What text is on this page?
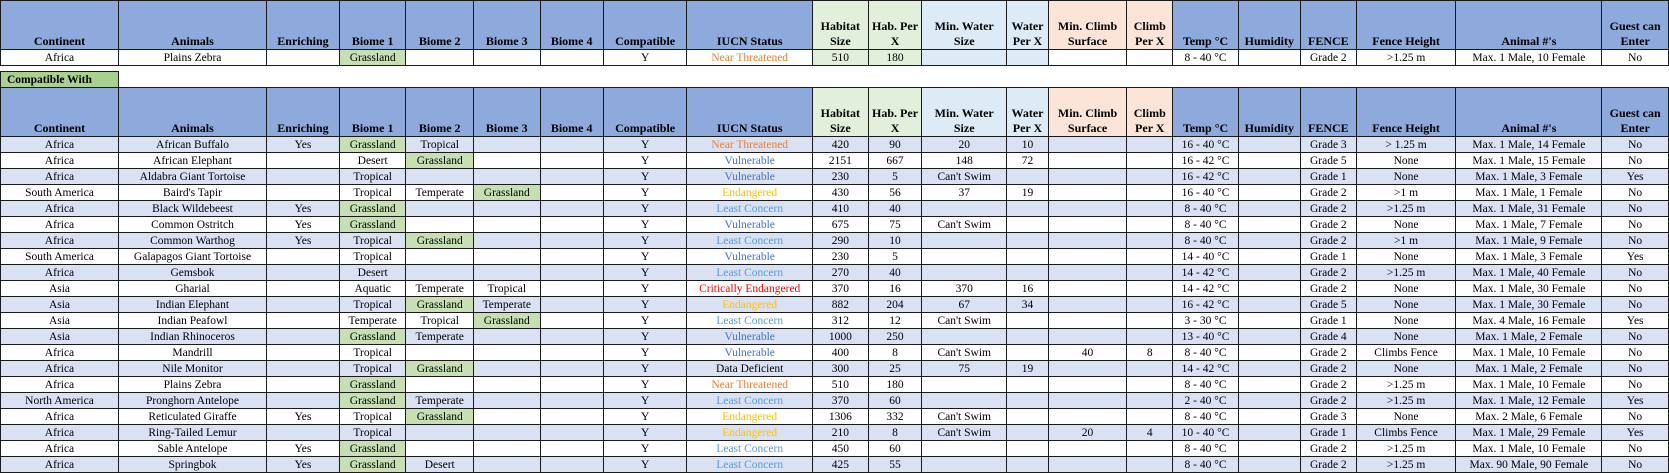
Continent	Animals	Enriching	Biome 1	Biome 2	Biome 3	Biome 4	Compatible	IUCN Status	Habitat Size	Hab. Per X	Min. Water Size	Water Per X	Min. Climb Surface	Climb Per X	Temp °C	Humidity	FENCE	Fence Height	Animal #'s	Guest can Enter
Africa	Plains Zebra		Grassland				Y	Near Threatened	510	180					8 - 40 °C		Grade 2	>1.25 m	Max. 1 Male, 10 Female	No

Compatible With																				
Continent	Animals	Enriching	Biome 1	Biome 2	Biome 3	Biome 4	Compatible	IUCN Status	Habitat Size	Hab. Per X	Min. Water Size	Water Per X	Min. Climb Surface	Climb Per X	Temp °C	Humidity	FENCE	Fence Height	Animal #'s	Guest can Enter
Africa	African Buffalo	Yes	Grassland	Tropical			Y	Near Threatened	420	90	20	10			16 - 40 °C		Grade 3	> 1.25 m	Max. 1 Male, 14 Female	No
Africa	African Elephant		Desert	Grassland			Y	Vulnerable	2151	667	148	72			16 - 42 °C		Grade 5	None	Max. 1 Male, 15 Female	No
Africa	Aldabra Giant Tortoise		Tropical				Y	Vulnerable	230	5	Can't Swim				16 - 42 °C		Grade 1	None	Max. 1 Male, 3 Female	Yes
South America	Baird's Tapir		Tropical	Temperate	Grassland		Y	Endangered	430	56	37	19			16 - 40 °C		Grade 2	>1 m	Max. 1 Male, 1 Female	No
Africa	Black Wildebeest	Yes	Grassland				Y	Least Concern	410	40					8 - 40 °C		Grade 2	>1.25 m	Max. 1 Male, 31 Female	No
Africa	Common Ostritch	Yes	Grassland				Y	Vulnerable	675	75	Can't Swim				8 - 40 °C		Grade 2	None	Max. 1 Male, 7 Female	No
Africa	Common Warthog	Yes	Tropical	Grassland			Y	Least Concern	290	10					8 - 40 °C		Grade 2	>1 m	Max. 1 Male, 9 Female	No
South America	Galapagos Giant Tortoise		Tropical				Y	Vulnerable	230	5					14 - 40 °C		Grade 1	None	Max. 1 Male, 3 Female	Yes
Africa	Gemsbok		Desert				Y	Least Concern	270	40					14 - 42 °C		Grade 2	>1.25 m	Max. 1 Male, 40 Female	No
Asia	Gharial		Aquatic	Temperate	Tropical		Y	Critically Endangered	370	16	370	16			14 - 42 °C		Grade 2	None	Max. 1 Male, 30 Female	No
Asia	Indian Elephant		Tropical	Grassland	Temperate		Y	Endangered	882	204	67	34			16 - 42 °C		Grade 5	None	Max. 1 Male, 30 Female	No
Asia	Indian Peafowl		Temperate	Tropical	Grassland		Y	Least Concern	312	12	Can't Swim				3 - 30 °C		Grade 1	None	Max. 4 Male, 16 Female	Yes
Asia	Indian Rhinoceros		Grassland	Temperate			Y	Vulnerable	1000	250					13 - 40 °C		Grade 4	None	Max. 1 Male, 2 Female	No
Africa	Mandrill		Tropical				Y	Vulnerable	400	8	Can't Swim		40	8	8 - 40 °C		Grade 2	Climbs Fence	Max. 1 Male, 10 Female	No
Africa	Nile Monitor		Tropical	Grassland			Y	Data Deficient	300	25	75	19			14 - 42 °C		Grade 2	None	Max. 1 Male, 2 Female	No
Africa	Plains Zebra		Grassland				Y	Near Threatened	510	180					8 - 40 °C		Grade 2	>1.25 m	Max. 1 Male, 10 Female	No
North America	Pronghorn Antelope		Grassland	Temperate			Y	Least Concern	370	60					2 - 40 °C		Grade 2	>1.25 m	Max. 1 Male, 12 Female	Yes
Africa	Reticulated Giraffe	Yes	Tropical	Grassland			Y	Endangered	1306	332	Can't Swim				8 - 40 °C		Grade 3	None	Max. 2 Male, 6 Female	No
Africa	Ring-Tailed Lemur		Tropical				Y	Endangered	210	8	Can't Swim		20	4	10 - 40 °C		Grade 1	Climbs Fence	Max. 1 Male, 29 Female	Yes
Africa	Sable Antelope	Yes	Grassland				Y	Least Concern	450	60					8 - 40 °C		Grade 2	>1.25 m	Max. 1 Male, 10 Female	No
Africa	Springbok	Yes	Grassland	Desert			Y	Least Concern	425	55					8 - 40 °C		Grade 2	>1.25 m	Max. 90 Male, 90 Female	No
